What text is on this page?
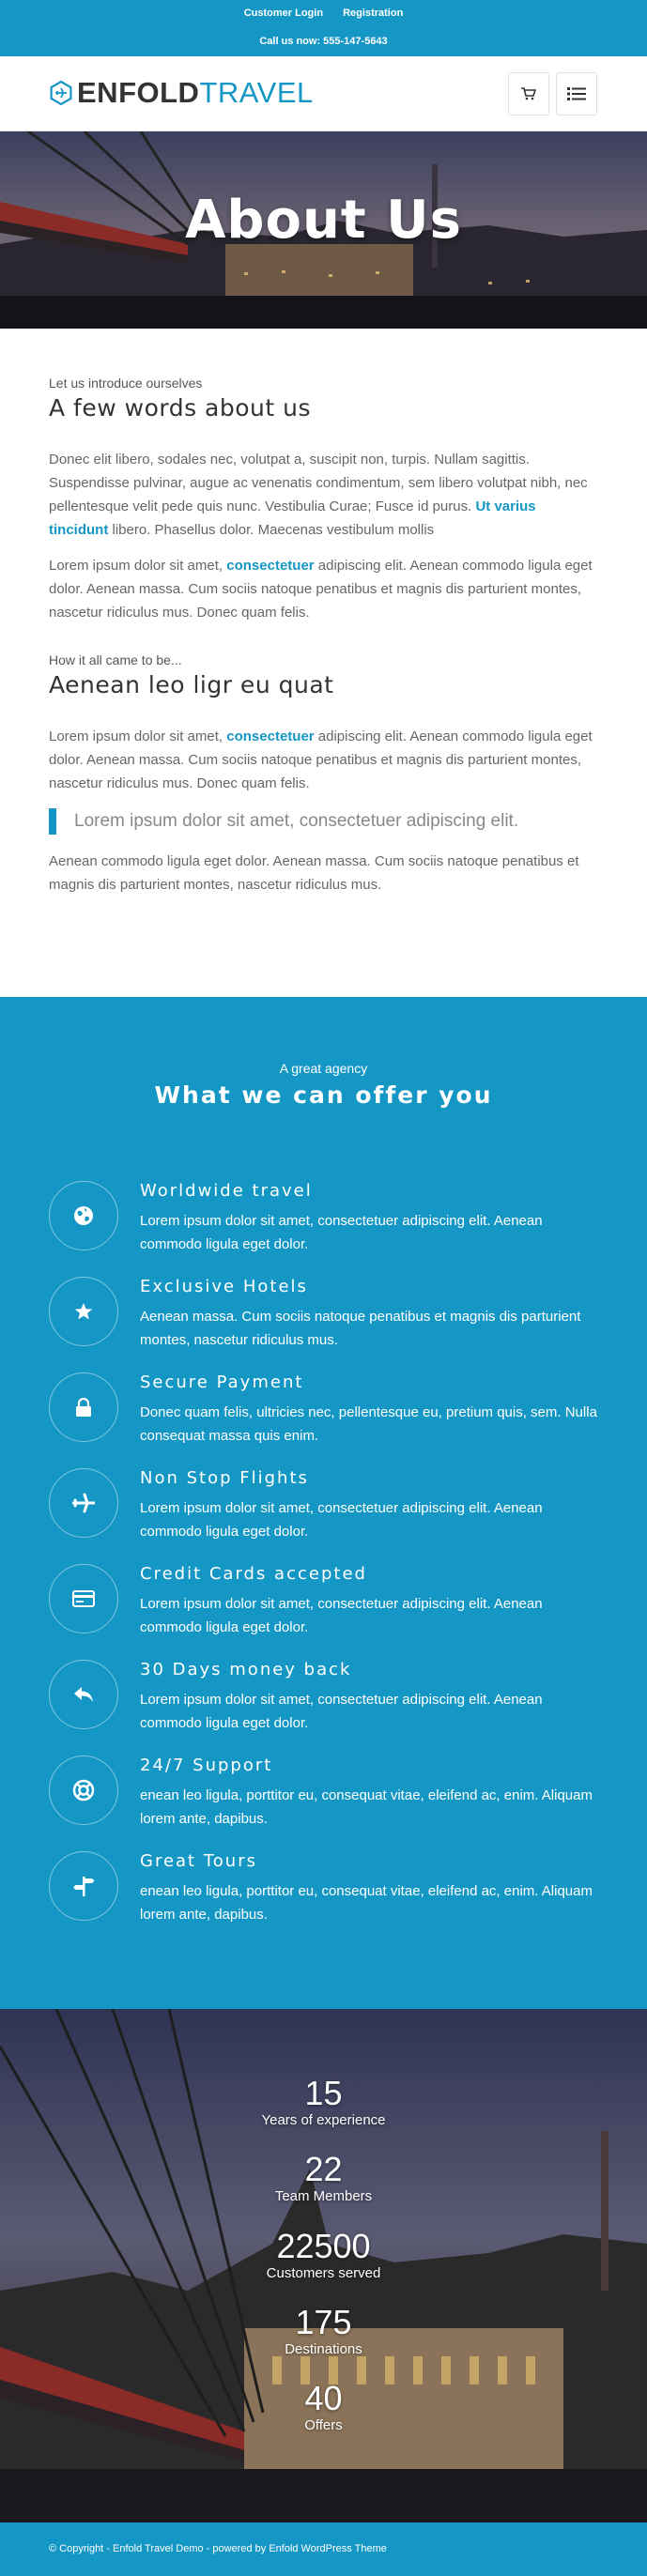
Customer Login Registration
Call us now: 555-147-5643
ENFOLDTRAVEL
About Us
Let us introduce ourselves
A few words about us

Donec elit libero, sodales nec, volutpat a, suscipit non, turpis. Nullam sagittis. Suspendisse pulvinar, augue ac venenatis condimentum, sem libero volutpat nibh, nec pellentesque velit pede quis nunc. Vestibulia Curae; Fusce id purus. Ut varius tincidunt libero. Phasellus dolor. Maecenas vestibulum mollis

Lorem ipsum dolor sit amet, consectetuer adipiscing elit. Aenean commodo ligula eget dolor. Aenean massa. Cum sociis natoque penatibus et magnis dis parturient montes, nascetur ridiculus mus. Donec quam felis.

How it all came to be...
Aenean leo ligr eu quat

Lorem ipsum dolor sit amet, consectetuer adipiscing elit. Aenean commodo ligula eget dolor. Aenean massa. Cum sociis natoque penatibus et magnis dis parturient montes, nascetur ridiculus mus. Donec quam felis.

Lorem ipsum dolor sit amet, consectetuer adipiscing elit.

Aenean commodo ligula eget dolor. Aenean massa. Cum sociis natoque penatibus et magnis dis parturient montes, nascetur ridiculus mus.

A great agency
What we can offer you
Worldwide travel
Lorem ipsum dolor sit amet, consectetuer adipiscing elit. Aenean commodo ligula eget dolor.
Exclusive Hotels
Aenean massa. Cum sociis natoque penatibus et magnis dis parturient montes, nascetur ridiculus mus.
Secure Payment
Donec quam felis, ultricies nec, pellentesque eu, pretium quis, sem. Nulla consequat massa quis enim.
Non Stop Flights
Lorem ipsum dolor sit amet, consectetuer adipiscing elit. Aenean commodo ligula eget dolor.
Credit Cards accepted
Lorem ipsum dolor sit amet, consectetuer adipiscing elit. Aenean commodo ligula eget dolor.
30 Days money back
Lorem ipsum dolor sit amet, consectetuer adipiscing elit. Aenean commodo ligula eget dolor.
24/7 Support
enean leo ligula, porttitor eu, consequat vitae, eleifend ac, enim. Aliquam lorem ante, dapibus.
Great Tours
enean leo ligula, porttitor eu, consequat vitae, eleifend ac, enim. Aliquam lorem ante, dapibus.
15
Years of experience
22
Team Members
22500
Customers served
175
Destinations
40
Offers
© Copyright - Enfold Travel Demo - powered by Enfold WordPress Theme
